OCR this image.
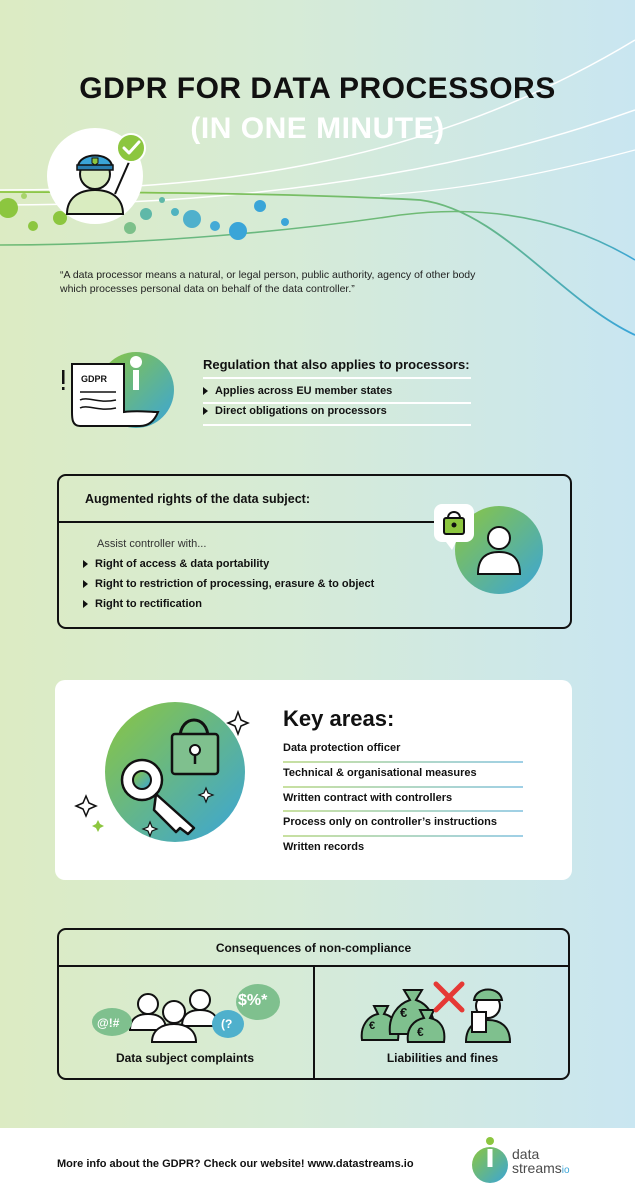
GDPR FOR DATA PROCESSORS
(IN ONE MINUTE)
“A data processor means a natural, or legal person, public authority, agency of other body which processes personal data on behalf of the data controller.”
GDPR
Regulation that also applies to processors:
Applies across EU member states
Direct obligations on processors
Augmented rights of the data subject:
Assist controller with...
Right of access & data portability
Right to restriction of processing, erasure & to object
Right to rectification
Key areas:
Data protection officer
Technical & organisational measures
Written contract with controllers
Process only on controller’s instructions
Written records
Consequences of non-compliance
@!#	(?
$%*
Data subject complaints
€
€
€
Liabilities and fines
More info about the GDPR? Check our website! www.datastreams.io
data
streamsio
